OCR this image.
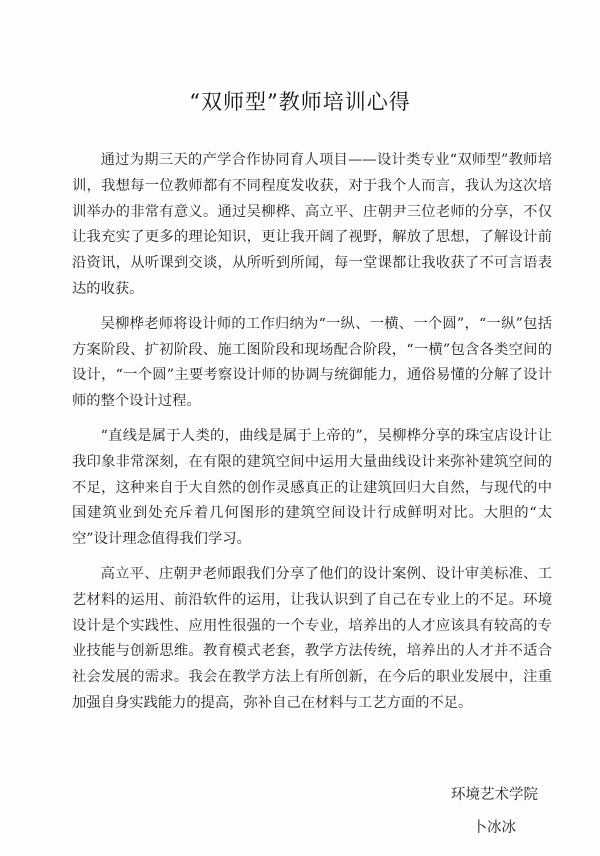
“双师型”教师培训心得

通过为期三天的产学合作协同育人项目——设计类专业“双师型”教师培训，我想每一位教师都有不同程度发收获，对于我个人而言，我认为这次培训举办的非常有意义。通过吴柳桦、高立平、庄朝尹三位老师的分享，不仅让我充实了更多的理论知识，更让我开阔了视野，解放了思想，了解设计前沿资讯，从听课到交谈，从所听到所闻，每一堂课都让我收获了不可言语表达的收获。

吴柳桦老师将设计师的工作归纳为“一纵、一横、一个圆”，“一纵”包括方案阶段、扩初阶段、施工图阶段和现场配合阶段，“一横”包含各类空间的设计，“一个圆”主要考察设计师的协调与统御能力，通俗易懂的分解了设计师的整个设计过程。

“直线是属于人类的，曲线是属于上帝的”，吴柳桦分享的珠宝店设计让我印象非常深刻，在有限的建筑空间中运用大量曲线设计来弥补建筑空间的不足，这种来自于大自然的创作灵感真正的让建筑回归大自然，与现代的中国建筑业到处充斥着几何图形的建筑空间设计行成鲜明对比。大胆的“太空”设计理念值得我们学习。

高立平、庄朝尹老师跟我们分享了他们的设计案例、设计审美标准、工艺材料的运用、前沿软件的运用，让我认识到了自己在专业上的不足。环境设计是个实践性、应用性很强的一个专业，培养出的人才应该具有较高的专业技能与创新思维。教育模式老套，教学方法传统，培养出的人才并不适合社会发展的需求。我会在教学方法上有所创新，在今后的职业发展中，注重加强自身实践能力的提高，弥补自己在材料与工艺方面的不足。

环境艺术学院
卜冰冰
